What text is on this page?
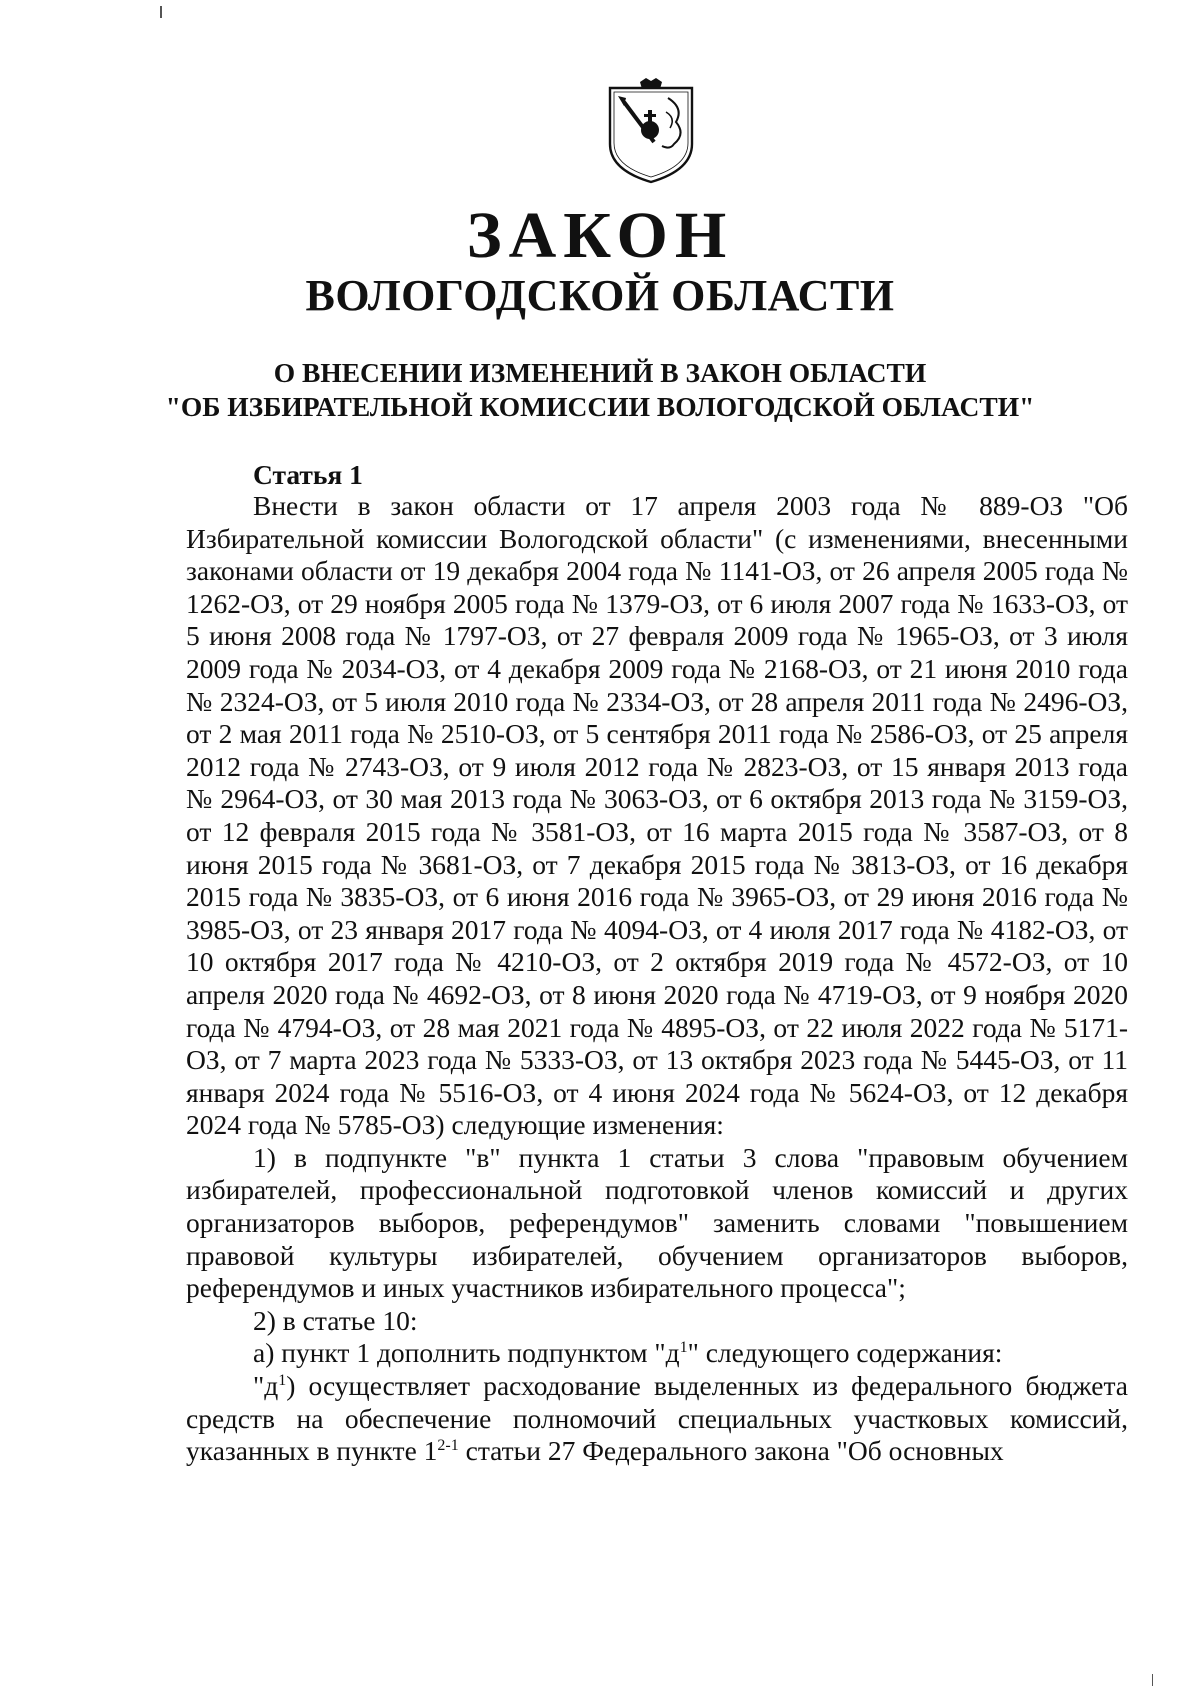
ЗАКОН
ВОЛОГОДСКОЙ ОБЛАСТИ
О ВНЕСЕНИИ ИЗМЕНЕНИЙ В ЗАКОН ОБЛАСТИ
"ОБ ИЗБИРАТЕЛЬНОЙ КОМИССИИ ВОЛОГОДСКОЙ ОБЛАСТИ"
Статья 1

Внести в закон области от 17 апреля 2003 года № 889-ОЗ "Об Избирательной комиссии Вологодской области" (с изменениями, внесенными законами области от 19 декабря 2004 года № 1141-ОЗ, от 26 апреля 2005 года № 1262-ОЗ, от 29 ноября 2005 года № 1379-ОЗ, от 6 июля 2007 года № 1633-ОЗ, от 5 июня 2008 года № 1797-ОЗ, от 27 февраля 2009 года № 1965-ОЗ, от 3 июля 2009 года № 2034-ОЗ, от 4 декабря 2009 года № 2168-ОЗ, от 21 июня 2010 года № 2324-ОЗ, от 5 июля 2010 года № 2334-ОЗ, от 28 апреля 2011 года № 2496-ОЗ, от 2 мая 2011 года № 2510-ОЗ, от 5 сентября 2011 года № 2586-ОЗ, от 25 апреля 2012 года № 2743-ОЗ, от 9 июля 2012 года № 2823-ОЗ, от 15 января 2013 года № 2964-ОЗ, от 30 мая 2013 года № 3063-ОЗ, от 6 октября 2013 года № 3159-ОЗ, от 12 февраля 2015 года № 3581-ОЗ, от 16 марта 2015 года № 3587-ОЗ, от 8 июня 2015 года № 3681-ОЗ, от 7 декабря 2015 года № 3813-ОЗ, от 16 декабря 2015 года № 3835-ОЗ, от 6 июня 2016 года № 3965-ОЗ, от 29 июня 2016 года № 3985-ОЗ, от 23 января 2017 года № 4094-ОЗ, от 4 июля 2017 года № 4182-ОЗ, от 10 октября 2017 года № 4210-ОЗ, от 2 октября 2019 года № 4572-ОЗ, от 10 апреля 2020 года № 4692-ОЗ, от 8 июня 2020 года № 4719-ОЗ, от 9 ноября 2020 года № 4794-ОЗ, от 28 мая 2021 года № 4895-ОЗ, от 22 июля 2022 года № 5171-ОЗ, от 7 марта 2023 года № 5333-ОЗ, от 13 октября 2023 года № 5445-ОЗ, от 11 января 2024 года № 5516-ОЗ, от 4 июня 2024 года № 5624-ОЗ, от 12 декабря 2024 года № 5785-ОЗ) следующие изменения:

1) в подпункте "в" пункта 1 статьи 3 слова "правовым обучением избирателей, профессиональной подготовкой членов комиссий и других организаторов выборов, референдумов" заменить словами "повышением правовой культуры избирателей, обучением организаторов выборов, референдумов и иных участников избирательного процесса";

2) в статье 10:

а) пункт 1 дополнить подпунктом "$д^1$" следующего содержания:

"$д^1$) осуществляет расходование выделенных из федерального бюджета средств на обеспечение полномочий специальных участковых комиссий, указанных в пункте 1$^{2-1}$ статьи 27 Федерального закона "Об основных
